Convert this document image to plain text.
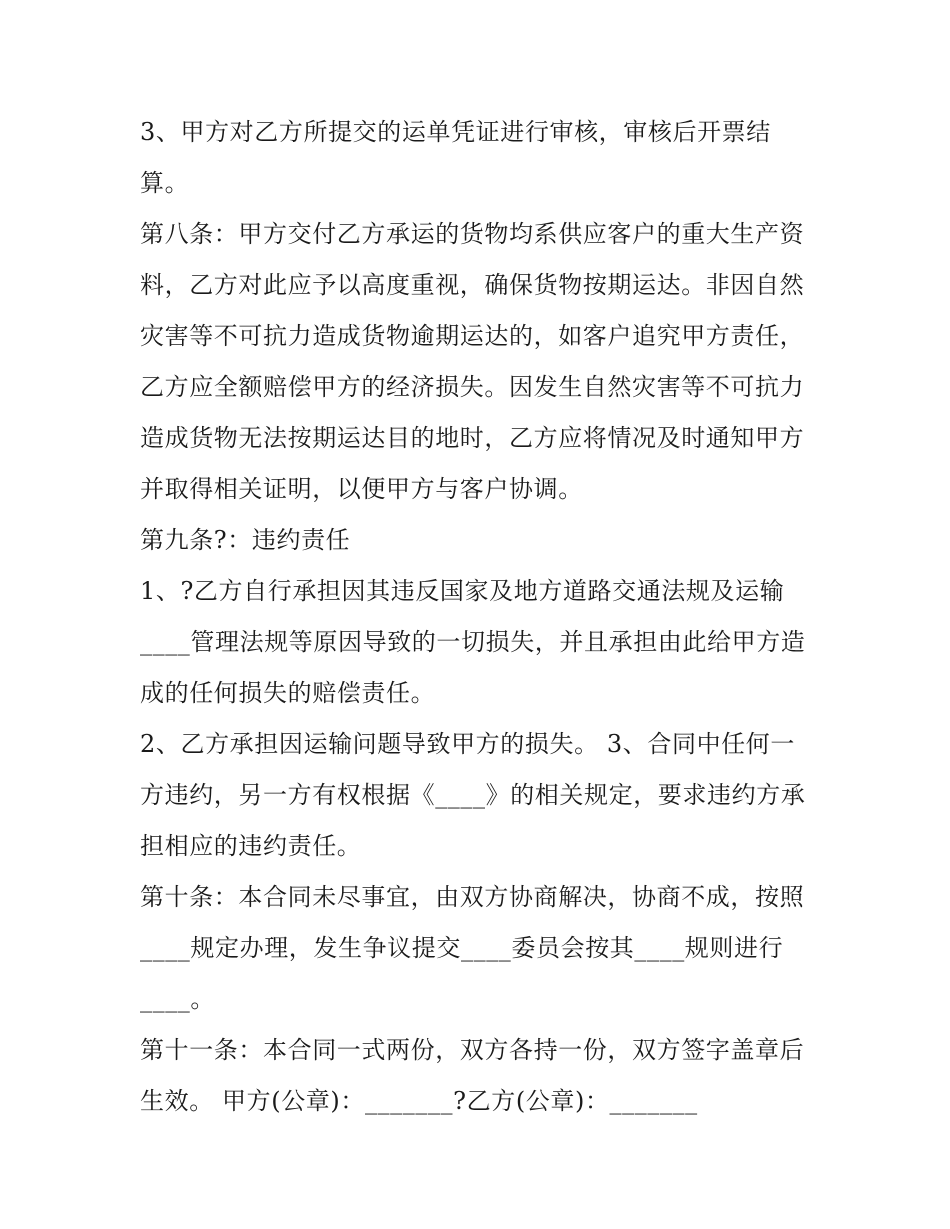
3、甲方对乙方所提交的运单凭证进行审核，审核后开票结
算。

第八条：甲方交付乙方承运的货物均系供应客户的重大生产资
料，乙方对此应予以高度重视，确保货物按期运达。非因自然
灾害等不可抗力造成货物逾期运达的，如客户追究甲方责任，
乙方应全额赔偿甲方的经济损失。因发生自然灾害等不可抗力
造成货物无法按期运达目的地时，乙方应将情况及时通知甲方
并取得相关证明，以便甲方与客户协调。

第九条?：违约责任

1、?乙方自行承担因其违反国家及地方道路交通法规及运输
____管理法规等原因导致的一切损失，并且承担由此给甲方造
成的任何损失的赔偿责任。

2、乙方承担因运输问题导致甲方的损失。 3、合同中任何一
方违约，另一方有权根据《____》的相关规定，要求违约方承
担相应的违约责任。

第十条：本合同未尽事宜，由双方协商解决，协商不成，按照
____规定办理，发生争议提交____委员会按其____规则进行
____。

第十一条：本合同一式两份，双方各持一份，双方签字盖章后
生效。 甲方(公章)：_______?乙方(公章)：_______
